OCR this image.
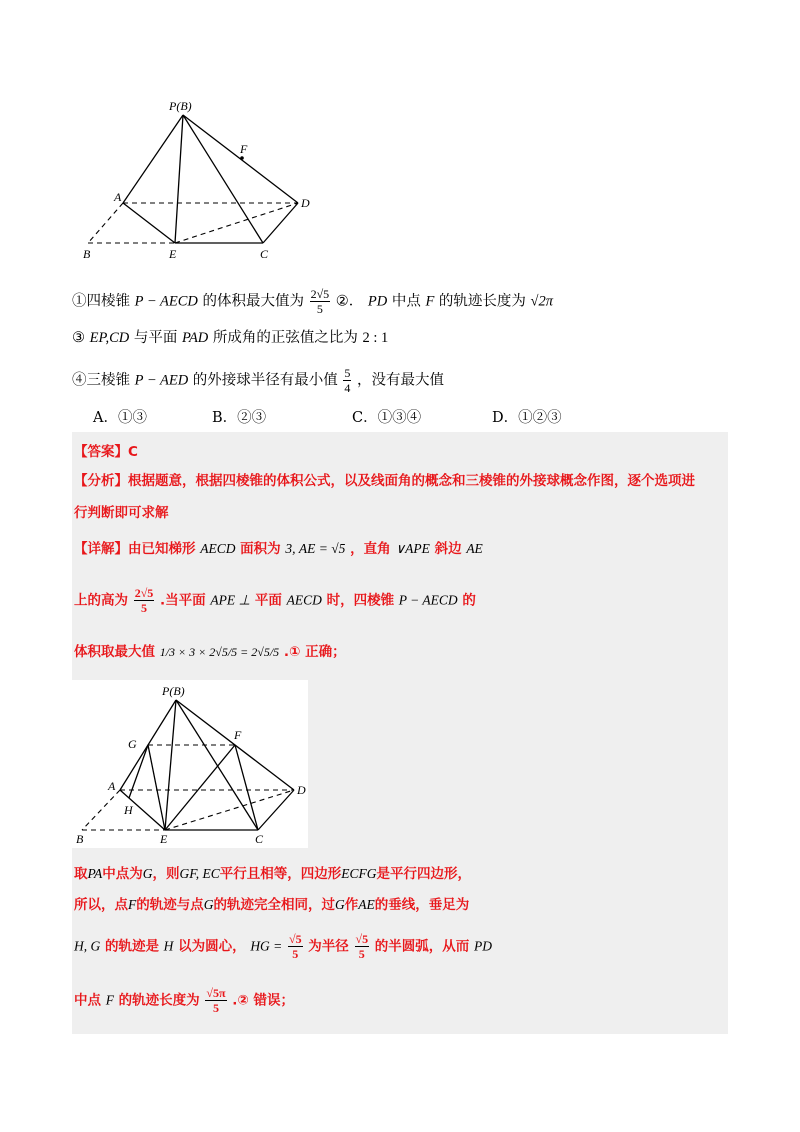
P(B)
F
A	D
B	E	C
①四棱锥 P − AECD 的体积最大值为 $\frac{2√5}{5}$ ②． PD 中点 F 的轨迹长度为 √2π
③ EP,CD 与平面 PAD 所成角的正弦值之比为 2 : 1
④三棱锥 P − AED 的外接球半径有最小值 $\frac{5}{4}$ ，没有最大值
A．①③	B．②③	C．①③④	D．①②③
【答案】C
【分析】根据题意，根据四棱锥的体积公式，以及线面角的概念和三棱锥的外接球概念作图，逐个选项进
行判断即可求解
【详解】由已知梯形 AECD 面积为 3, AE = √5 ，直角 ∨APE 斜边 AE
上的高为 $\frac{2√5}{5}$ .当平面 APE ⊥ 平面 AECD 时，四棱锥 P − AECD 的
体积取最大值 1/3 × 3 × 2√5/5 = 2√5/5 .① 正确；
P(B)
G
F
A	D
H
B	E	C
取PA中点为G，则GF, EC平行且相等，四边形ECFG是平行四边形，
所以，点F的轨迹与点G的轨迹完全相同，过G作AE的垂线，垂足为
H, G 的轨迹是 H 以为圆心， HG = $\frac{√5}{5}$ 为半径 $\frac{√5}{5}$ 的半圆弧，从而 PD
中点 F 的轨迹长度为 $\frac{√5\pi}{5}$ .② 错误；
